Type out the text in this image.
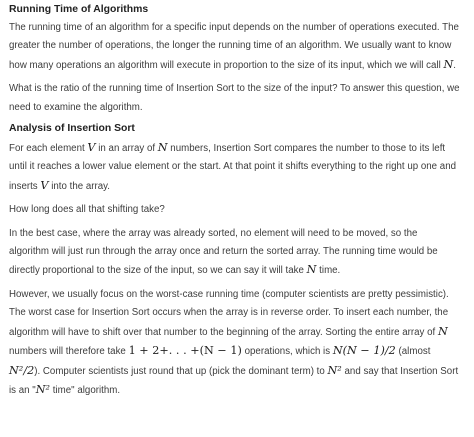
Running Time of Algorithms

The running time of an algorithm for a specific input depends on the number of operations executed. The greater the number of operations, the longer the running time of an algorithm. We usually want to know how many operations an algorithm will execute in proportion to the size of its input, which we will call N.

What is the ratio of the running time of Insertion Sort to the size of the input? To answer this question, we need to examine the algorithm.

Analysis of Insertion Sort

For each element V in an array of N numbers, Insertion Sort compares the number to those to its left until it reaches a lower value element or the start. At that point it shifts everything to the right up one and inserts V into the array.

How long does all that shifting take?

In the best case, where the array was already sorted, no element will need to be moved, so the algorithm will just run through the array once and return the sorted array. The running time would be directly proportional to the size of the input, so we can say it will take N time.

However, we usually focus on the worst-case running time (computer scientists are pretty pessimistic). The worst case for Insertion Sort occurs when the array is in reverse order. To insert each number, the algorithm will have to shift over that number to the beginning of the array. Sorting the entire array of N numbers will therefore take 1 + 2+. . . +(N − 1) operations, which is N(N − 1)/2 (almost N²/2). Computer scientists just round that up (pick the dominant term) to N² and say that Insertion Sort is an "N² time" algorithm.
